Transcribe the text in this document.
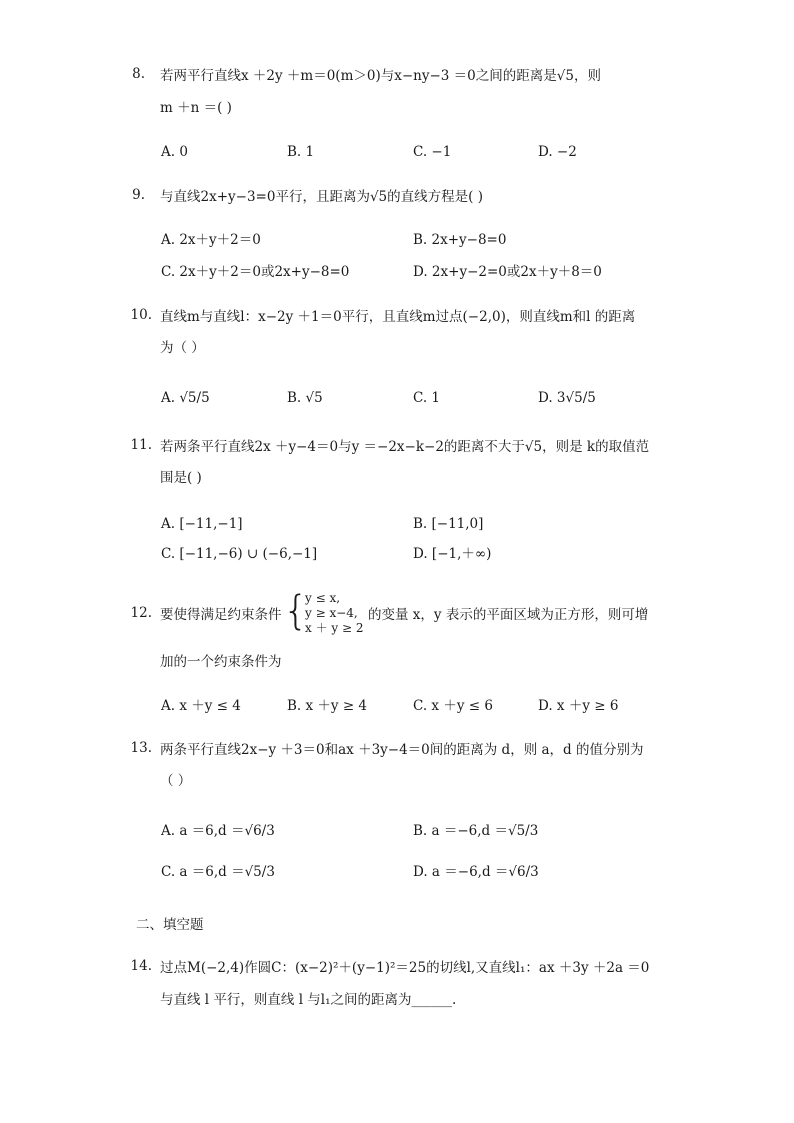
8. 若两平行直线x ＋2y ＋m＝0(m＞0)与x−ny−3 ＝0之间的距离是√5，则
m ＋n ＝( )
A. 0	B. 1	C. −1	D. −2
9. 与直线2x+y−3=0平行，且距离为√5的直线方程是( )
A. 2x＋y＋2＝0	B. 2x+y−8=0
C. 2x＋y＋2＝0或2x+y−8=0	D. 2x+y−2=0或2x＋y＋8＝0
10. 直线m与直线l：x−2y ＋1＝0平行，且直线m过点(−2,0)，则直线m和l 的距离
为（ ）
A. √5/5	B. √5	C. 1	D. 3√5/5
11. 若两条平行直线2x ＋y−4＝0与y ＝−2x−k−2的距离不大于√5，则是 k的取值范
围是( )
A. [−11,−1]	B. [−11,0]
C. [−11,−6) ∪ (−6,−1]	D. [−1,＋∞)
12. 要使得满足约束条件 {
y ≤ x,
y ≥ x−4,
x ＋ y ≥ 2
的变量 x，y 表示的平面区域为正方形，则可增
加的一个约束条件为
A. x ＋y ≤ 4	B. x ＋y ≥ 4	C. x ＋y ≤ 6	D. x ＋y ≥ 6
13. 两条平行直线2x−y ＋3＝0和ax ＋3y−4＝0间的距离为 d，则 a，d 的值分别为
（ ）
A. a ＝6,d ＝√6/3	B. a ＝−6,d ＝√5/3
C. a ＝6,d ＝√5/3	D. a ＝−6,d ＝√6/3
二、填空题
14. 过点M(−2,4)作圆C：(x−2)²＋(y−1)²＝25的切线l,又直线l₁：ax ＋3y ＋2a ＝0
与直线 l 平行，则直线 l 与l₁之间的距离为______.
